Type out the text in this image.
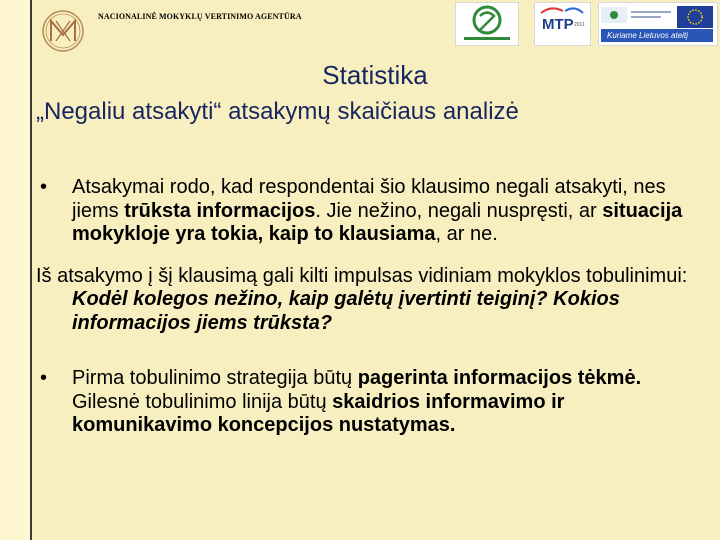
NACIONALINĖ MOKYKLŲ VERTINIMO AGENTŪRA	MTP 2011
Kuriame Lietuvos ateitį
Statistika
„Negaliu atsakyti“ atsakymų skaičiaus analizė

• Atsakymai rodo, kad respondentai šio klausimo negali atsakyti, nes jiems trūksta informacijos. Jie nežino, negali nuspręsti, ar situacija mokykloje yra tokia, kaip to klausiama, ar ne.

Iš atsakymo į šį klausimą gali kilti impulsas vidiniam mokyklos tobulinimui: Kodėl kolegos nežino, kaip galėtų įvertinti teiginį? Kokios informacijos jiems trūksta?

• Pirma tobulinimo strategija būtų pagerinta informacijos tėkmė. Gilesnė tobulinimo linija būtų skaidrios informavimo ir komunikavimo koncepcijos nustatymas.
